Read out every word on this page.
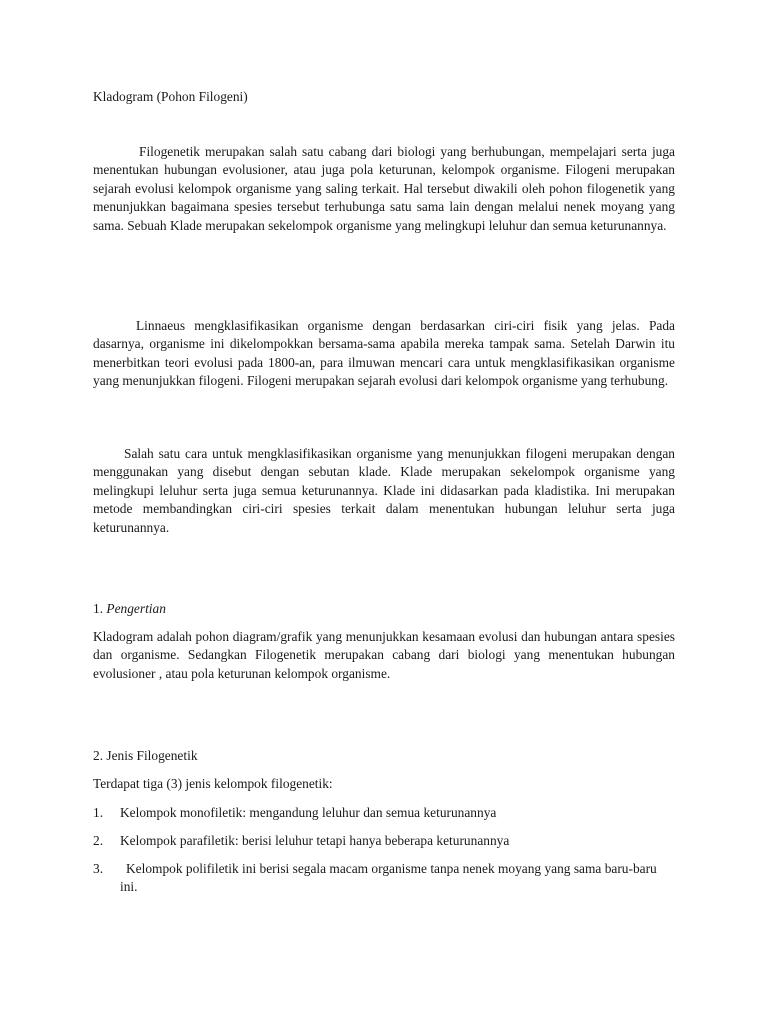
Kladogram (Pohon Filogeni)
Filogenetik merupakan salah satu cabang dari biologi yang berhubungan, mempelajari serta juga menentukan hubungan evolusioner, atau juga pola keturunan, kelompok organisme. Filogeni merupakan sejarah evolusi kelompok organisme yang saling terkait. Hal tersebut diwakili oleh pohon filogenetik yang menunjukkan bagaimana spesies tersebut terhubunga satu sama lain dengan melalui nenek moyang yang sama. Sebuah Klade merupakan sekelompok organisme yang melingkupi leluhur dan semua keturunannya.
Linnaeus mengklasifikasikan organisme dengan berdasarkan ciri-ciri fisik yang jelas. Pada dasarnya, organisme ini dikelompokkan bersama-sama apabila mereka tampak sama. Setelah Darwin itu menerbitkan teori evolusi pada 1800-an, para ilmuwan mencari cara untuk mengklasifikasikan organisme yang menunjukkan filogeni. Filogeni merupakan sejarah evolusi dari kelompok organisme yang terhubung.
Salah satu cara untuk mengklasifikasikan organisme yang menunjukkan filogeni merupakan dengan menggunakan yang disebut dengan sebutan klade. Klade merupakan sekelompok organisme yang melingkupi leluhur serta juga semua keturunannya. Klade ini didasarkan pada kladistika. Ini merupakan metode membandingkan ciri-ciri spesies terkait dalam menentukan hubungan leluhur serta juga keturunannya.
1. Pengertian
Kladogram adalah pohon diagram/grafik yang menunjukkan kesamaan evolusi dan hubungan antara spesies dan organisme. Sedangkan Filogenetik merupakan cabang dari biologi yang menentukan hubungan evolusioner , atau pola keturunan kelompok organisme.
2. Jenis Filogenetik
Terdapat tiga (3) jenis kelompok filogenetik:
1.	Kelompok monofiletik: mengandung leluhur dan semua keturunannya
2.	Kelompok parafiletik: berisi leluhur tetapi hanya beberapa keturunannya
3.	Kelompok polifiletik ini berisi segala macam organisme tanpa nenek moyang yang sama baru-baru ini.
